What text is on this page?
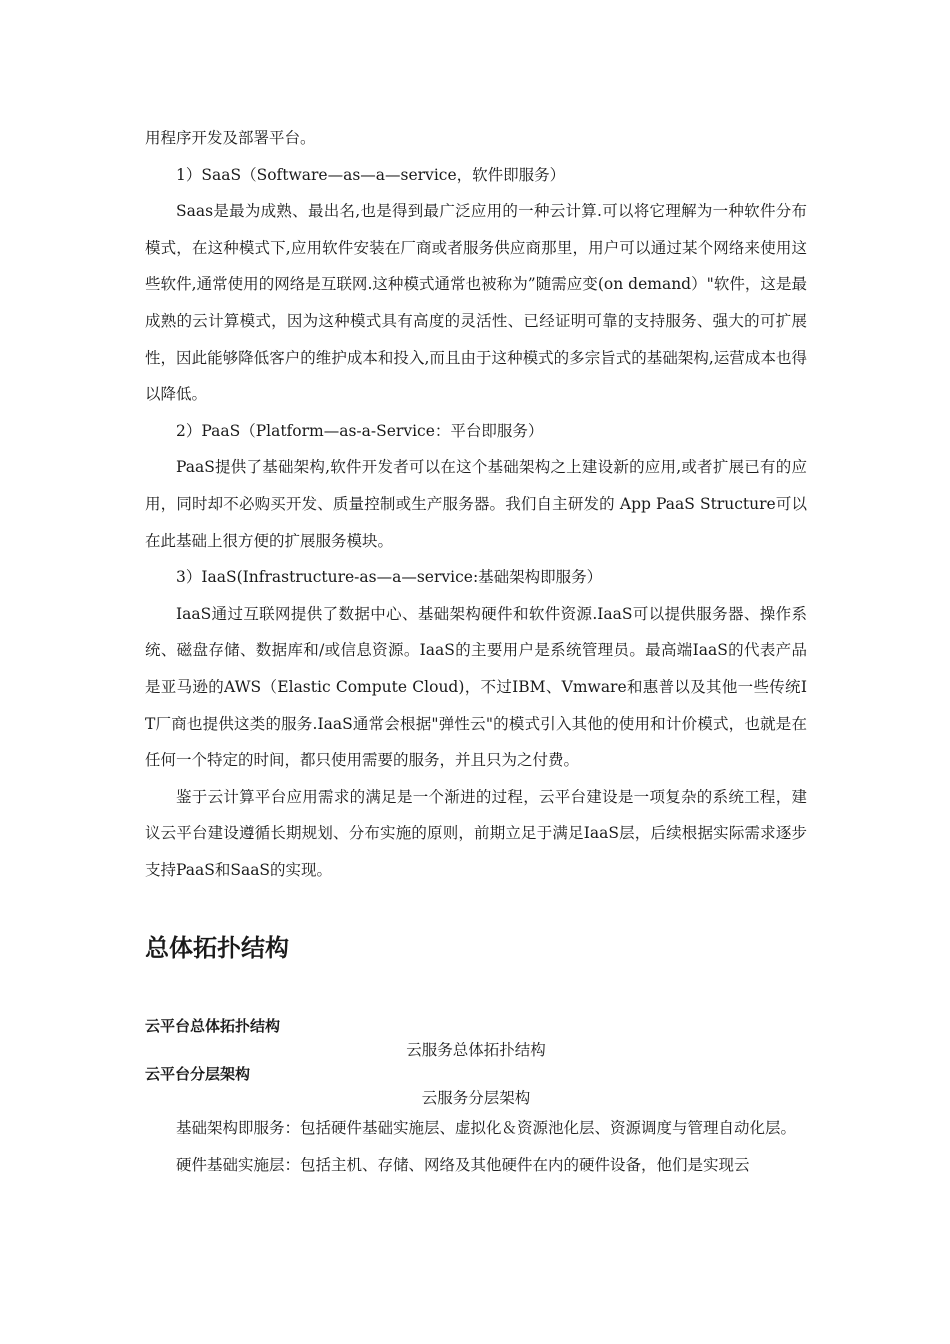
用程序开发及部署平台。

1）SaaS（Software—as—a—service，软件即服务）

Saas是最为成熟、最出名,也是得到最广泛应用的一种云计算.可以将它理解为一种软件分布模式，在这种模式下,应用软件安装在厂商或者服务供应商那里，用户可以通过某个网络来使用这些软件,通常使用的网络是互联网.这种模式通常也被称为”随需应变(on demand）"软件，这是最成熟的云计算模式，因为这种模式具有高度的灵活性、已经证明可靠的支持服务、强大的可扩展性，因此能够降低客户的维护成本和投入,而且由于这种模式的多宗旨式的基础架构,运营成本也得以降低。

2）PaaS（Platform—as-a-Service：平台即服务）

PaaS提供了基础架构,软件开发者可以在这个基础架构之上建设新的应用,或者扩展已有的应用，同时却不必购买开发、质量控制或生产服务器。我们自主研发的 App PaaS Structure可以在此基础上很方便的扩展服务模块。

3）IaaS(Infrastructure-as—a—service:基础架构即服务）

IaaS通过互联网提供了数据中心、基础架构硬件和软件资源.IaaS可以提供服务器、操作系统、磁盘存储、数据库和/或信息资源。IaaS的主要用户是系统管理员。最高端IaaS的代表产品是亚马逊的AWS（Elastic Compute Cloud)，不过IBM、Vmware和惠普以及其他一些传统IT厂商也提供这类的服务.IaaS通常会根据"弹性云"的模式引入其他的使用和计价模式，也就是在任何一个特定的时间，都只使用需要的服务，并且只为之付费。

鉴于云计算平台应用需求的满足是一个渐进的过程，云平台建设是一项复杂的系统工程，建议云平台建设遵循长期规划、分布实施的原则，前期立足于满足IaaS层，后续根据实际需求逐步支持PaaS和SaaS的实现。

总体拓扑结构
云平台总体拓扑结构
云服务总体拓扑结构
云平台分层架构
云服务分层架构

基础架构即服务：包括硬件基础实施层、虚拟化＆资源池化层、资源调度与管理自动化层。

硬件基础实施层：包括主机、存储、网络及其他硬件在内的硬件设备，他们是实现云
